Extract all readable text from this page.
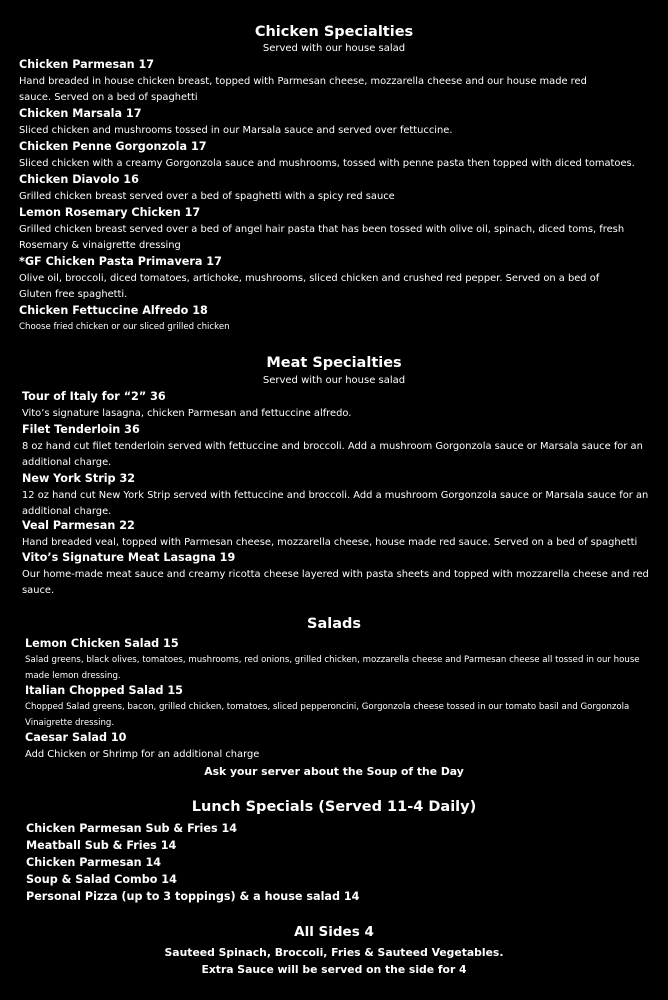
Chicken Specialties

Served with our house salad

Chicken Parmesan 17

Hand breaded in house chicken breast, topped with Parmesan cheese, mozzarella cheese and our house made red sauce. Served on a bed of spaghetti

Chicken Marsala 17

Sliced chicken and mushrooms tossed in our Marsala sauce and served over fettuccine.

Chicken Penne Gorgonzola 17

Sliced chicken with a creamy Gorgonzola sauce and mushrooms, tossed with penne pasta then topped with diced tomatoes.

Chicken Diavolo 16

Grilled chicken breast served over a bed of spaghetti with a spicy red sauce

Lemon Rosemary Chicken 17

Grilled chicken breast served over a bed of angel hair pasta that has been tossed with olive oil, spinach, diced toms, fresh Rosemary & vinaigrette dressing

*GF Chicken Pasta Primavera 17

Olive oil, broccoli, diced tomatoes, artichoke, mushrooms, sliced chicken and crushed red pepper. Served on a bed of Gluten free spaghetti.

Chicken Fettuccine Alfredo 18

Choose fried chicken or our sliced grilled chicken

Meat Specialties

Served with our house salad

Tour of Italy for “2” 36

Vito’s signature lasagna, chicken Parmesan and fettuccine alfredo.

Filet Tenderloin 36

8 oz hand cut filet tenderloin served with fettuccine and broccoli. Add a mushroom Gorgonzola sauce or Marsala sauce for an additional charge.

New York Strip 32

12 oz hand cut New York Strip served with fettuccine and broccoli. Add a mushroom Gorgonzola sauce or Marsala sauce for an additional charge.

Veal Parmesan 22

Hand breaded veal, topped with Parmesan cheese, mozzarella cheese, house made red sauce. Served on a bed of spaghetti

Vito’s Signature Meat Lasagna 19

Our home-made meat sauce and creamy ricotta cheese layered with pasta sheets and topped with mozzarella cheese and red sauce.

Salads

Lemon Chicken Salad 15

Salad greens, black olives, tomatoes, mushrooms, red onions, grilled chicken, mozzarella cheese and Parmesan cheese all tossed in our house made lemon dressing.

Italian Chopped Salad 15

Chopped Salad greens, bacon, grilled chicken, tomatoes, sliced pepperoncini, Gorgonzola cheese tossed in our tomato basil and Gorgonzola Vinaigrette dressing.

Caesar Salad 10

Add Chicken or Shrimp for an additional charge

Ask your server about the Soup of the Day

Lunch Specials (Served 11-4 Daily)

Chicken Parmesan Sub & Fries 14

Meatball Sub & Fries 14

Chicken Parmesan 14

Soup & Salad Combo 14

Personal Pizza (up to 3 toppings) & a house salad 14

All Sides 4

Sauteed Spinach, Broccoli, Fries & Sauteed Vegetables.

Extra Sauce will be served on the side for 4
